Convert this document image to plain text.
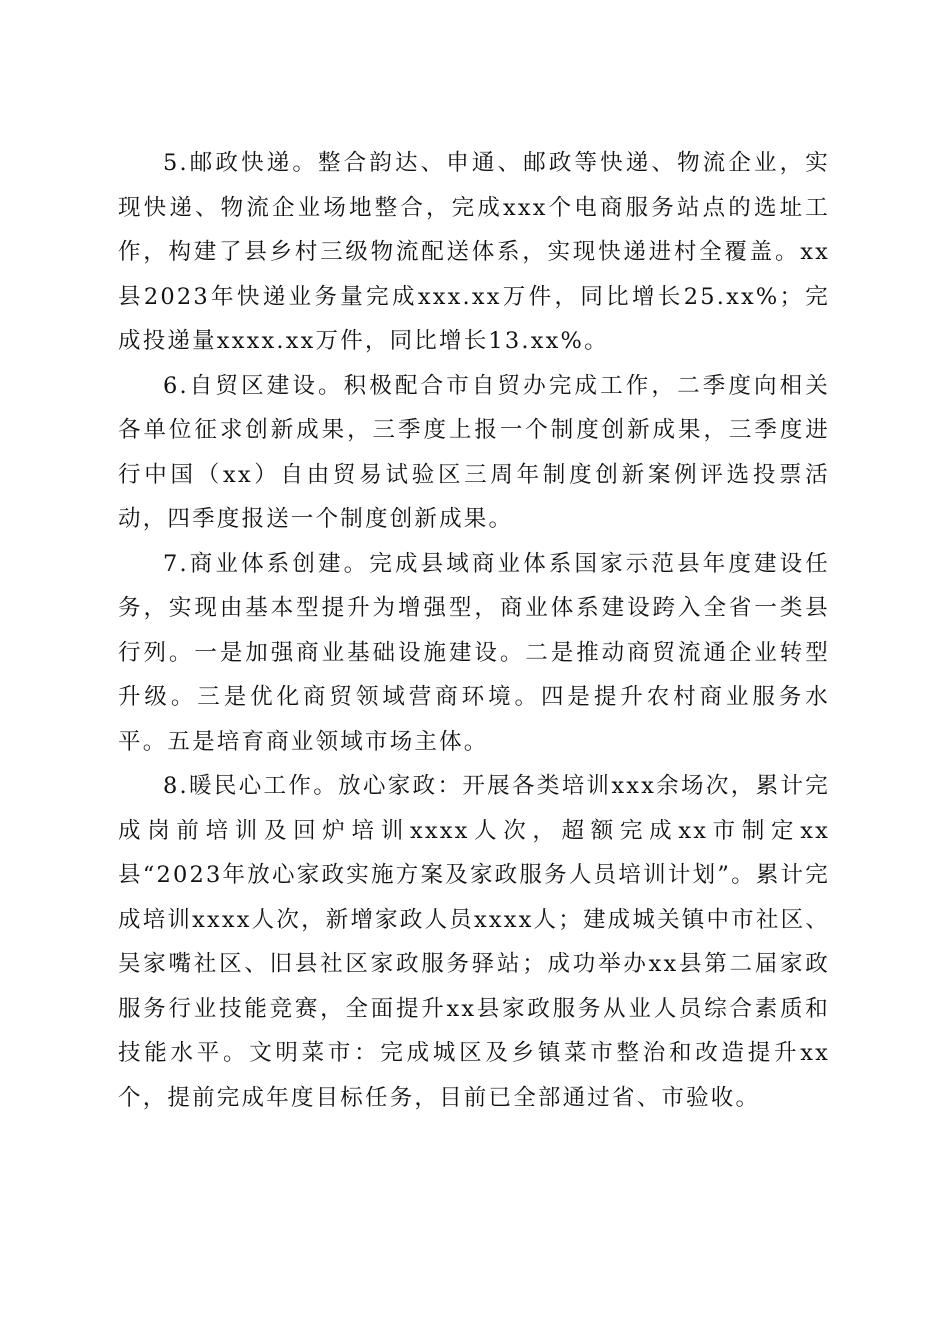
5.邮政快递。整合韵达、申通、邮政等快递、物流企业，实现快递、物流企业场地整合，完成xxx个电商服务站点的选址工作，构建了县乡村三级物流配送体系，实现快递进村全覆盖。xx县2023年快递业务量完成xxx.xx万件，同比增长25.xx%；完成投递量xxxx.xx万件，同比增长13.xx%。

6.自贸区建设。积极配合市自贸办完成工作，二季度向相关各单位征求创新成果，三季度上报一个制度创新成果，三季度进行中国（xx）自由贸易试验区三周年制度创新案例评选投票活动，四季度报送一个制度创新成果。

7.商业体系创建。完成县域商业体系国家示范县年度建设任务，实现由基本型提升为增强型，商业体系建设跨入全省一类县行列。一是加强商业基础设施建设。二是推动商贸流通企业转型升级。三是优化商贸领域营商环境。四是提升农村商业服务水平。五是培育商业领域市场主体。

8.暖民心工作。放心家政：开展各类培训xxx余场次，累计完成岗前培训及回炉培训xxxx人次，超额完成xx市制定xx县“2023年放心家政实施方案及家政服务人员培训计划”。累计完成培训xxxx人次，新增家政人员xxxx人；建成城关镇中市社区、吴家嘴社区、旧县社区家政服务驿站；成功举办xx县第二届家政服务行业技能竞赛，全面提升xx县家政服务从业人员综合素质和技能水平。文明菜市：完成城区及乡镇菜市整治和改造提升xx个，提前完成年度目标任务，目前已全部通过省、市验收。
